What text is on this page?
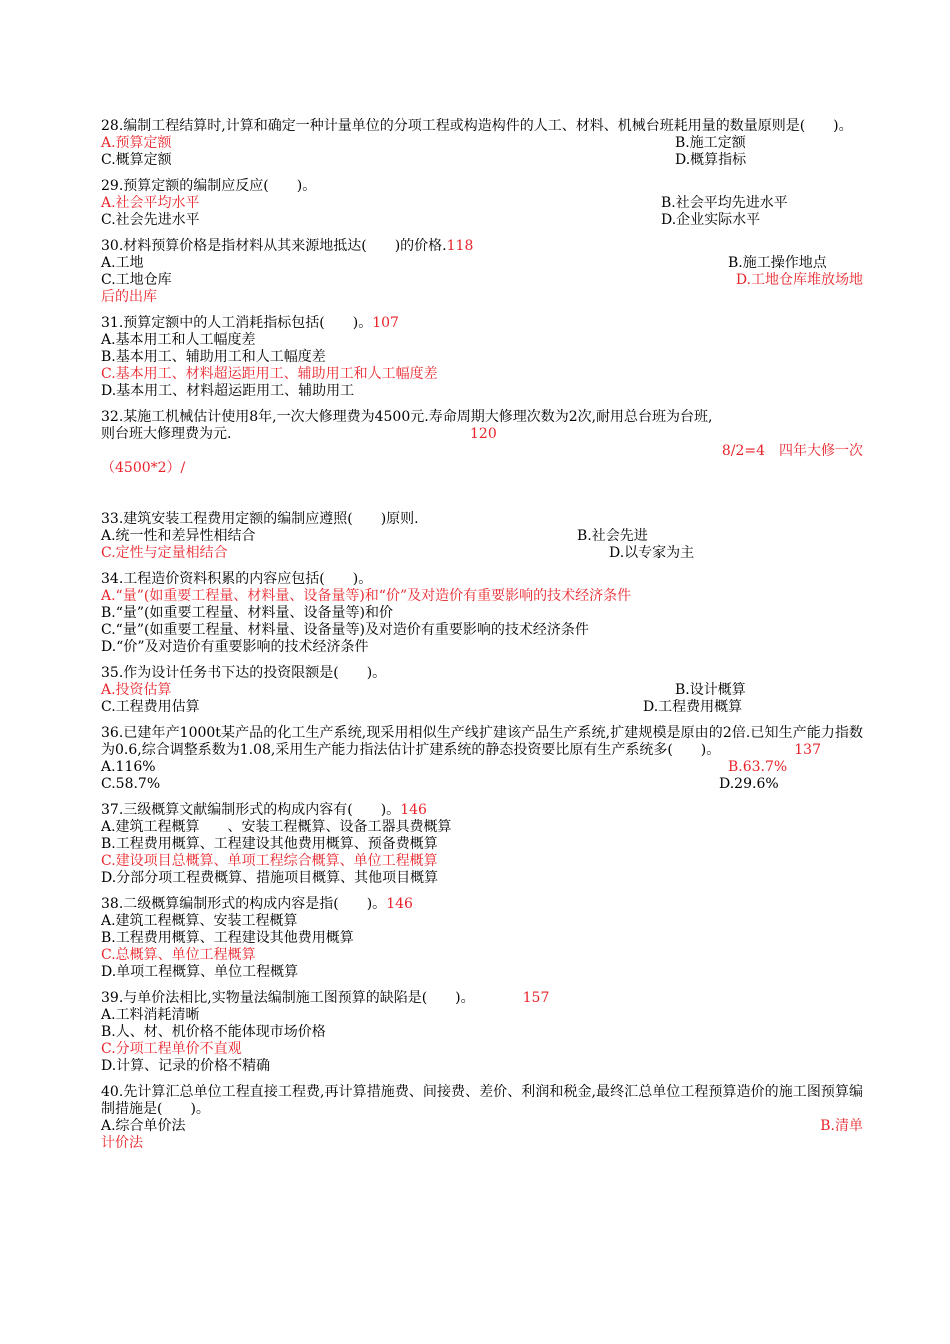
28.编制工程结算时,计算和确定一种计量单位的分项工程或构造构件的人工、材料、机械台班耗用量的数量原则是(　　)。
A.预算定额	B.施工定额
C.概算定额	D.概算指标
29.预算定额的编制应反应(　　)。
A.社会平均水平	B.社会平均先进水平
C.社会先进水平	D.企业实际水平
30.材料预算价格是指材料从其来源地抵达(　　)的价格. 118
A.工地	B.施工操作地点
C.工地仓库	D.工地仓库堆放场地
后的出库
31.预算定额中的人工消耗指标包括(　　)。 107
A.基本用工和人工幅度差
B.基本用工、辅助用工和人工幅度差
C.基本用工、材料超运距用工、辅助用工和人工幅度差
D.基本用工、材料超运距用工、辅助用工
32.某施工机械估计使用8年,一次大修理费为4500元.寿命周期大修理次数为2次,耐用总台班为台班,
则台班大修理费为元.	120
8/2=4　四年大修一次
（4500*2）/
33.建筑安装工程费用定额的编制应遵照(　　)原则.
A.统一性和差异性相结合	B.社会先进
C.定性与定量相结合	D.以专家为主
34.工程造价资料积累的内容应包括(　　)。
A.“量”(如重要工程量、材料量、设备量等)和“价”及对造价有重要影响的技术经济条件
B.“量”(如重要工程量、材料量、设备量等)和价
C.“量”(如重要工程量、材料量、设备量等)及对造价有重要影响的技术经济条件
D.“价”及对造价有重要影响的技术经济条件
35.作为设计任务书下达的投资限额是(　　)。
A.投资估算	B.设计概算
C.工程费用估算	D.工程费用概算
36.已建年产1000t某产品的化工生产系统,现采用相似生产线扩建该产品生产系统,扩建规模是原由的2倍.已知生产能力指数为0.6,综合调整系数为1.08,采用生产能力指法估计扩建系统的静态投资要比原有生产系统多(　　)。	137
A.116%	B.63.7%
C.58.7%	D.29.6%
37.三级概算文献编制形式的构成内容有(　　)。 146
A.建筑工程概算　　、安装工程概算、设备工器具费概算
B.工程费用概算、工程建设其他费用概算、预备费概算
C.建设项目总概算、单项工程综合概算、单位工程概算
D.分部分项工程费概算、措施项目概算、其他项目概算
38.二级概算编制形式的构成内容是指(　　)。 146
A.建筑工程概算、安装工程概算
B.工程费用概算、工程建设其他费用概算
C.总概算、单位工程概算
D.单项工程概算、单位工程概算
39.与单价法相比,实物量法编制施工图预算的缺陷是(　　)。	157
A.工料消耗清晰
B.人、材、机价格不能体现市场价格
C.分项工程单价不直观
D.计算、记录的价格不精确
40.先计算汇总单位工程直接工程费,再计算措施费、间接费、差价、利润和税金,最终汇总单位工程预算造价的施工图预算编制措施是(　　)。
A.综合单价法	B.清单
计价法
